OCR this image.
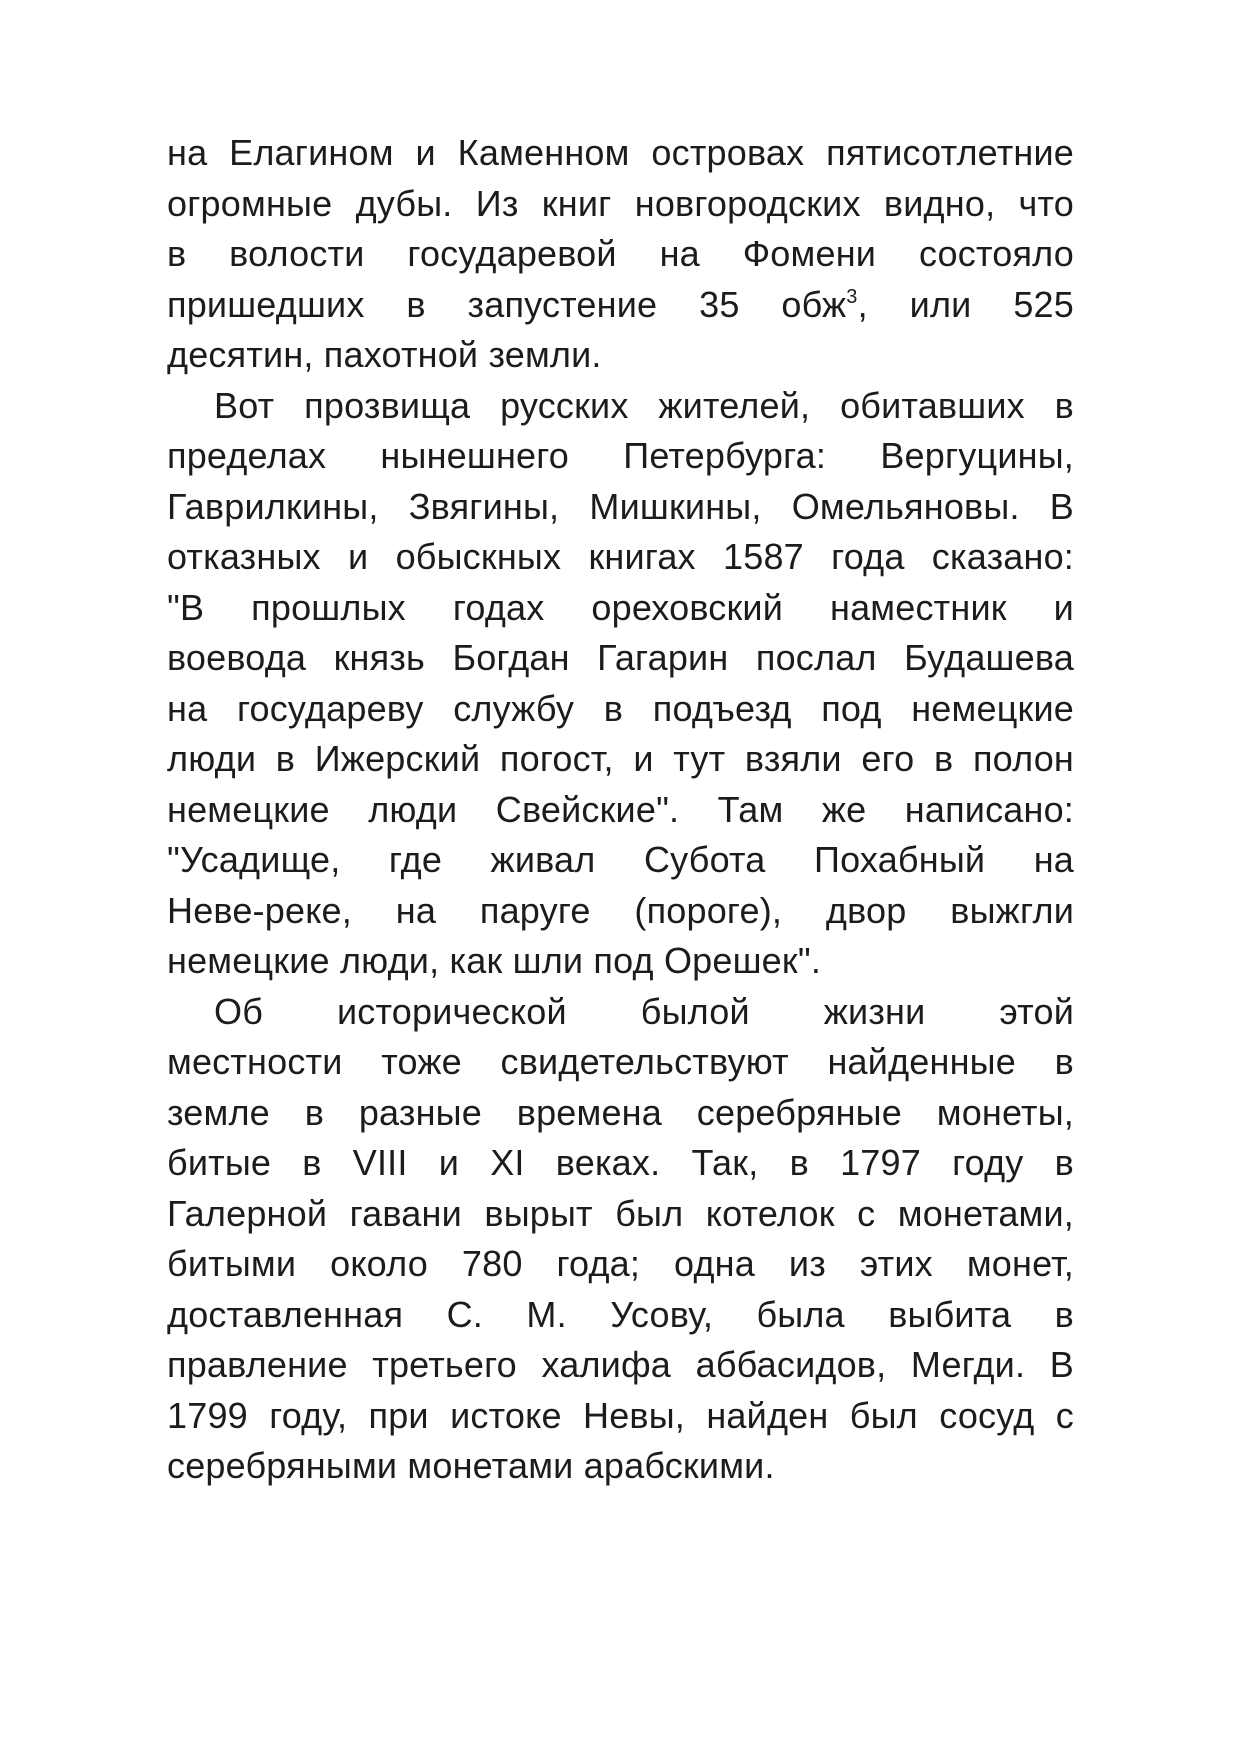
на Елагином и Каменном островах пятисотлетние
огромные дубы. Из книг новгородских видно, что
в волости государевой на Фомени состояло
пришедших в запустение 35 обж$^3$, или 525
десятин, пахотной земли.
Вот прозвища русских жителей, обитавших в
пределах нынешнего Петербурга: Вергуцины,
Гаврилкины, Звягины, Мишкины, Омельяновы. В
отказных и обыскных книгах 1587 года сказано:
"В прошлых годах ореховский наместник и
воевода князь Богдан Гагарин послал Будашева
на государеву службу в подъезд под немецкие
люди в Ижерский погост, и тут взяли его в полон
немецкие люди Свейские". Там же написано:
"Усадище, где живал Субота Похабный на
Неве-реке, на паруге (пороге), двор выжгли
немецкие люди, как шли под Орешек".
Об исторической былой жизни этой
местности тоже свидетельствуют найденные в
земле в разные времена серебряные монеты,
битые в VIII и XI веках. Так, в 1797 году в
Галерной гавани вырыт был котелок с монетами,
битыми около 780 года; одна из этих монет,
доставленная С. М. Усову, была выбита в
правление третьего халифа аббасидов, Мегди. В
1799 году, при истоке Невы, найден был сосуд с
серебряными монетами арабскими.
